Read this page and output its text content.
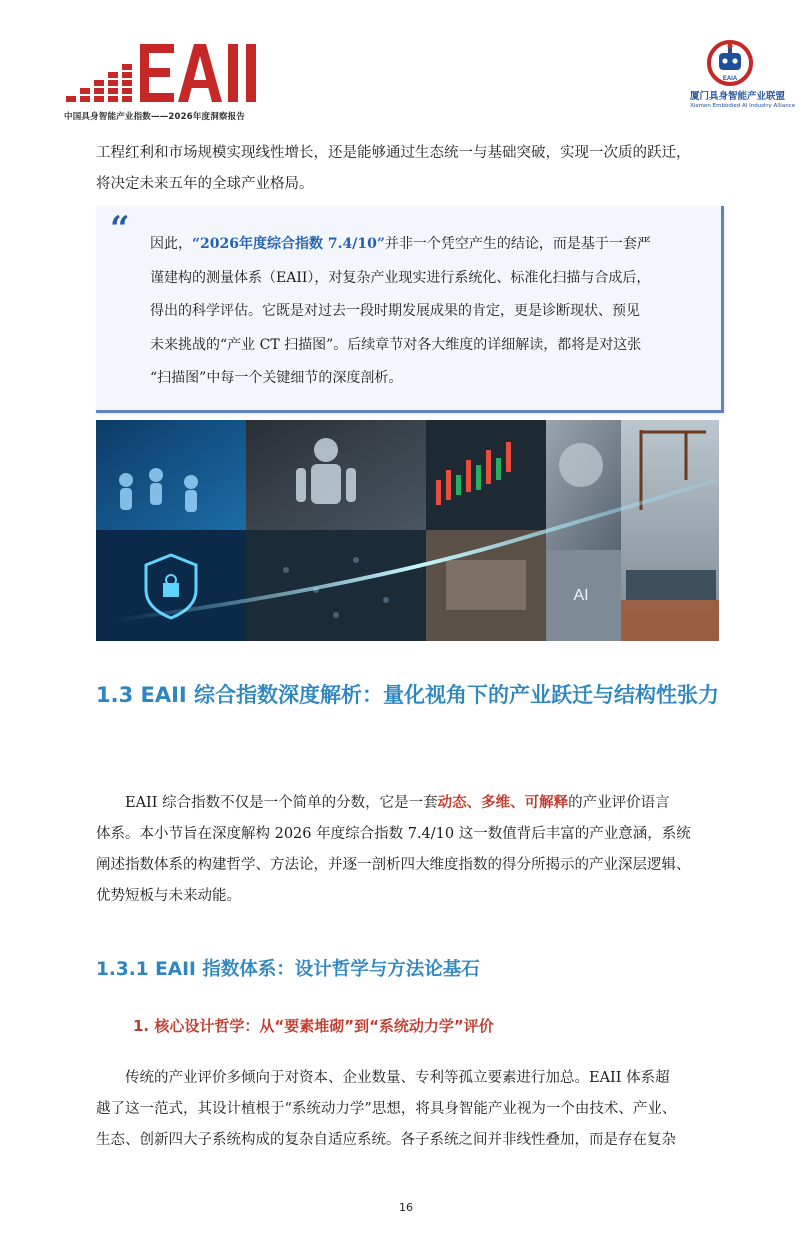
中国具身智能产业指数——2026年度洞察报告
EAIA
厦门具身智能产业联盟
Xiamen Embodied AI Industry Alliance
工程红利和市场规模实现线性增长，还是能够通过生态统一与基础突破，实现一次质的跃迁，
将决定未来五年的全球产业格局。
“ 因此，“2026年度综合指数 7.4/10”并非一个凭空产生的结论，而是基于一套严
谨建构的测量体系（EAII），对复杂产业现实进行系统化、标准化扫描与合成后，
得出的科学评估。它既是对过去一段时期发展成果的肯定，更是诊断现状、预见
未来挑战的“产业 CT 扫描图”。后续章节对各大维度的详细解读，都将是对这张
“扫描图”中每一个关键细节的深度剖析。
AI
1.3 EAII 综合指数深度解析：量化视角下的产业跃迁与结构性张力
　　EAII 综合指数不仅是一个简单的分数，它是一套动态、多维、可解释的产业评价语言
体系。本小节旨在深度解构 2026 年度综合指数 7.4/10 这一数值背后丰富的产业意涵，系统
阐述指数体系的构建哲学、方法论，并逐一剖析四大维度指数的得分所揭示的产业深层逻辑、
优势短板与未来动能。
1.3.1 EAII 指数体系：设计哲学与方法论基石
1. 核心设计哲学：从“要素堆砌”到“系统动力学”评价
　　传统的产业评价多倾向于对资本、企业数量、专利等孤立要素进行加总。EAII 体系超
越了这一范式，其设计植根于“系统动力学”思想，将具身智能产业视为一个由技术、产业、
生态、创新四大子系统构成的复杂自适应系统。各子系统之间并非线性叠加，而是存在复杂
16
